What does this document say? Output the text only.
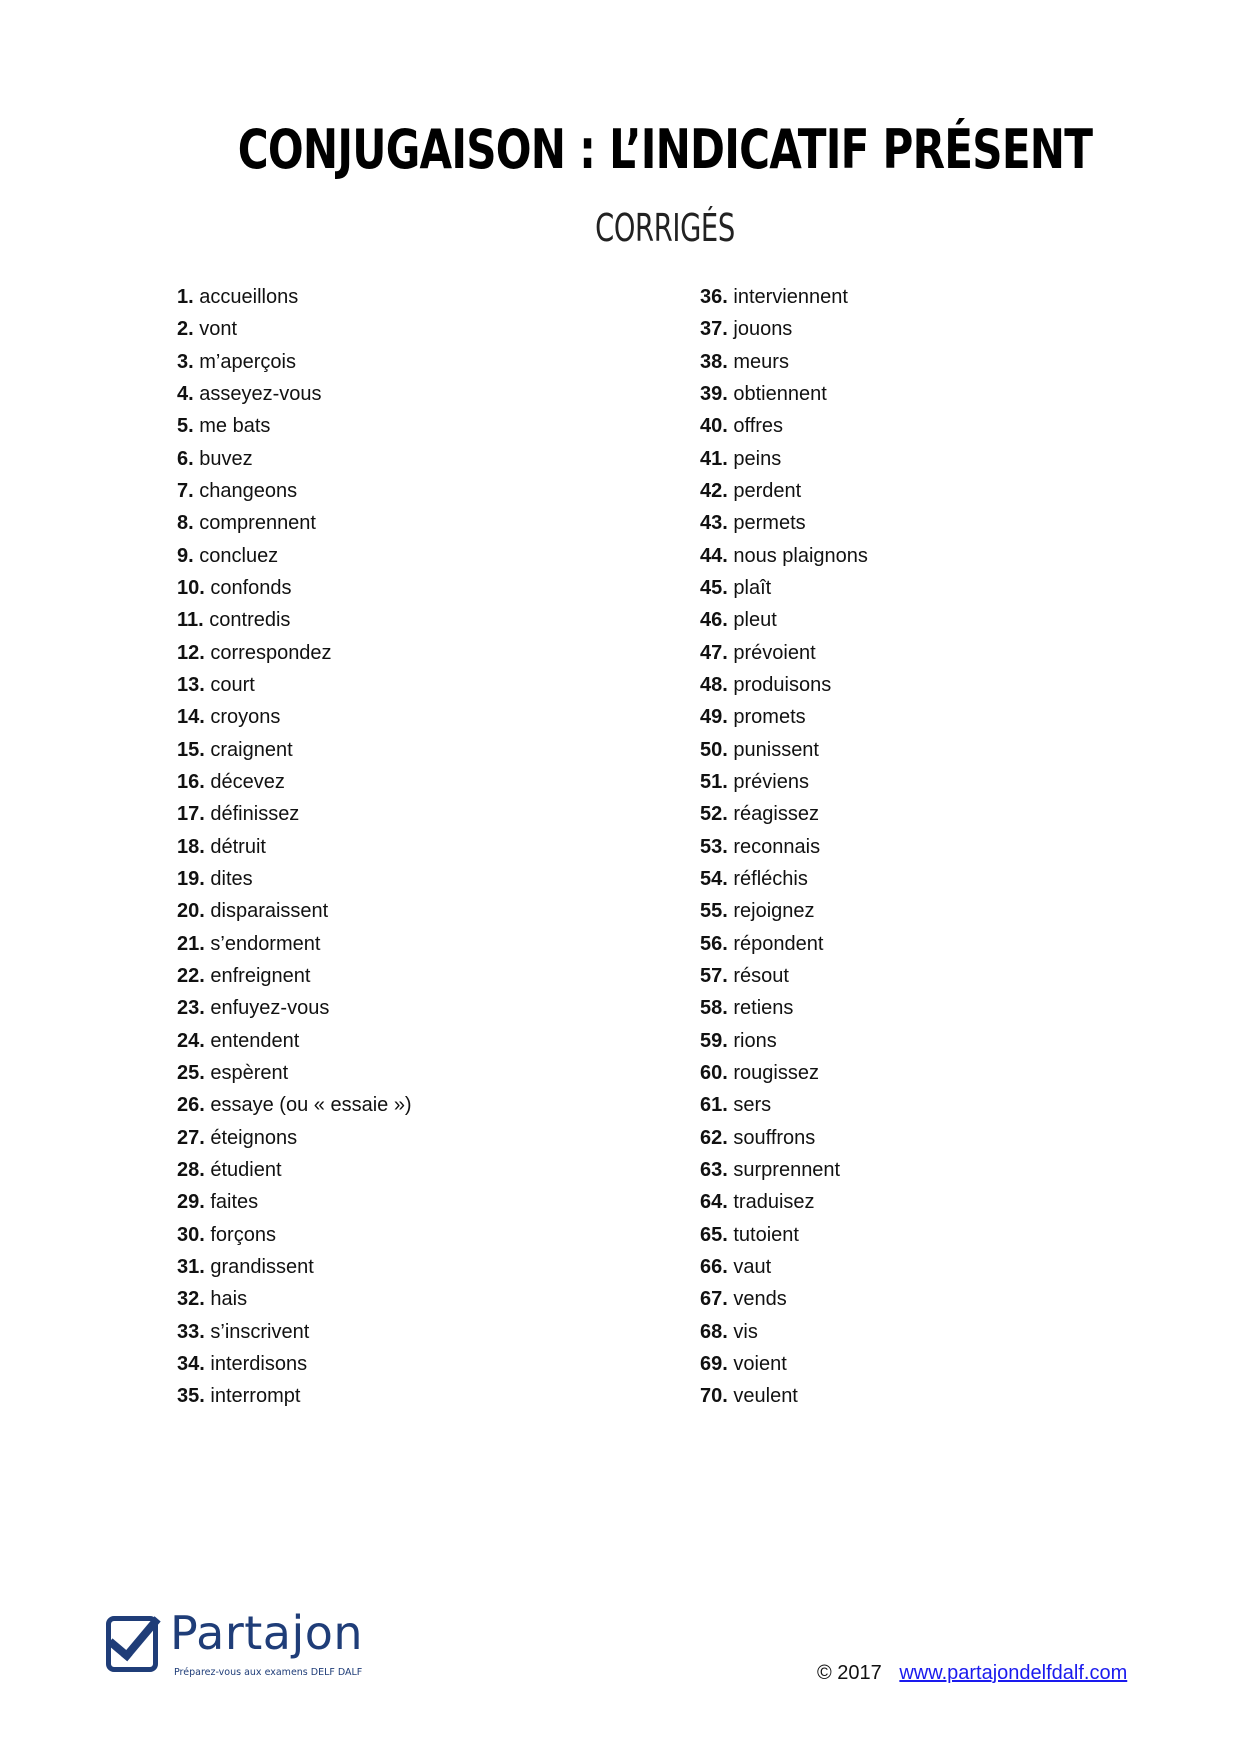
CONJUGAISON : L’INDICATIF PRÉSENT
CORRIGÉS
1. accueillons
2. vont
3. m’aperçois
4. asseyez-vous
5. me bats
6. buvez
7. changeons
8. comprennent
9. concluez
10. confonds
11. contredis
12. correspondez
13. court
14. croyons
15. craignent
16. décevez
17. définissez
18. détruit
19. dites
20. disparaissent
21. s’endorment
22. enfreignent
23. enfuyez-vous
24. entendent
25. espèrent
26. essaye (ou « essaie »)
27. éteignons
28. étudient
29. faites
30. forçons
31. grandissent
32. hais
33. s’inscrivent
34. interdisons
35. interrompt
36. interviennent
37. jouons
38. meurs
39. obtiennent
40. offres
41. peins
42. perdent
43. permets
44. nous plaignons
45. plaît
46. pleut
47. prévoient
48. produisons
49. promets
50. punissent
51. préviens
52. réagissez
53. reconnais
54. réfléchis
55. rejoignez
56. répondent
57. résout
58. retiens
59. rions
60. rougissez
61. sers
62. souffrons
63. surprennent
64. traduisez
65. tutoient
66. vaut
67. vends
68. vis
69. voient
70. veulent
Partajon
Préparez-vous aux examens DELF DALF	© 2017 www.partajondelfdalf.com
